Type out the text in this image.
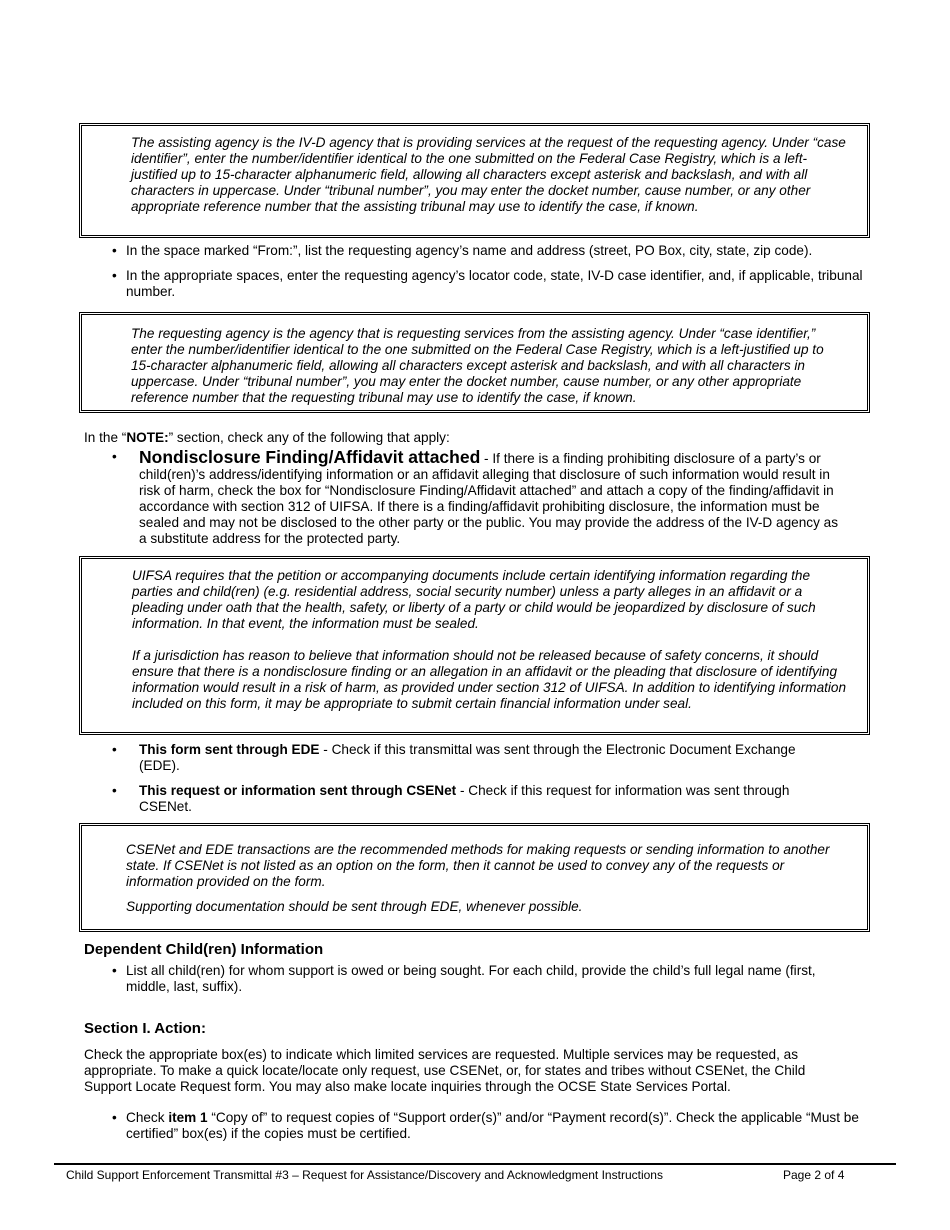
The assisting agency is the IV-D agency that is providing services at the request of the requesting agency. Under “case identifier”, enter the number/identifier identical to the one submitted on the Federal Case Registry, which is a left-justified up to 15-character alphanumeric field, allowing all characters except asterisk and backslash, and with all characters in uppercase. Under “tribunal number”, you may enter the docket number, cause number, or any other appropriate reference number that the assisting tribunal may use to identify the case, if known.

• In the space marked “From:”, list the requesting agency’s name and address (street, PO Box, city, state, zip code).
• In the appropriate spaces, enter the requesting agency’s locator code, state, IV-D case identifier, and, if applicable, tribunal number.

The requesting agency is the agency that is requesting services from the assisting agency. Under “case identifier,” enter the number/identifier identical to the one submitted on the Federal Case Registry, which is a left-justified up to 15-character alphanumeric field, allowing all characters except asterisk and backslash, and with all characters in uppercase. Under “tribunal number”, you may enter the docket number, cause number, or any other appropriate reference number that the requesting tribunal may use to identify the case, if known.

In the “NOTE:” section, check any of the following that apply:
•	Nondisclosure Finding/Affidavit attached - If there is a finding prohibiting disclosure of a party’s or child(ren)’s address/identifying information or an affidavit alleging that disclosure of such information would result in risk of harm, check the box for “Nondisclosure Finding/Affidavit attached” and attach a copy of the finding/affidavit in accordance with section 312 of UIFSA. If there is a finding/affidavit prohibiting disclosure, the information must be sealed and may not be disclosed to the other party or the public. You may provide the address of the IV-D agency as a substitute address for the protected party.

UIFSA requires that the petition or accompanying documents include certain identifying information regarding the parties and child(ren) (e.g. residential address, social security number) unless a party alleges in an affidavit or a pleading under oath that the health, safety, or liberty of a party or child would be jeopardized by disclosure of such information. In that event, the information must be sealed.

If a jurisdiction has reason to believe that information should not be released because of safety concerns, it should ensure that there is a nondisclosure finding or an allegation in an affidavit or the pleading that disclosure of identifying information would result in a risk of harm, as provided under section 312 of UIFSA. In addition to identifying information included on this form, it may be appropriate to submit certain financial information under seal.

•	This form sent through EDE - Check if this transmittal was sent through the Electronic Document Exchange (EDE).
•	This request or information sent through CSENet - Check if this request for information was sent through CSENet.

CSENet and EDE transactions are the recommended methods for making requests or sending information to another state. If CSENet is not listed as an option on the form, then it cannot be used to convey any of the requests or information provided on the form.

Supporting documentation should be sent through EDE, whenever possible.

Dependent Child(ren) Information
• List all child(ren) for whom support is owed or being sought. For each child, provide the child’s full legal name (first, middle, last, suffix).
Section I. Action:
Check the appropriate box(es) to indicate which limited services are requested. Multiple services may be requested, as appropriate. To make a quick locate/locate only request, use CSENet, or, for states and tribes without CSENet, the Child Support Locate Request form. You may also make locate inquiries through the OCSE State Services Portal.
• Check item 1 “Copy of” to request copies of “Support order(s)” and/or “Payment record(s)”. Check the applicable “Must be certified” box(es) if the copies must be certified.
Child Support Enforcement Transmittal #3 – Request for Assistance/Discovery and Acknowledgment Instructions	Page 2 of 4
